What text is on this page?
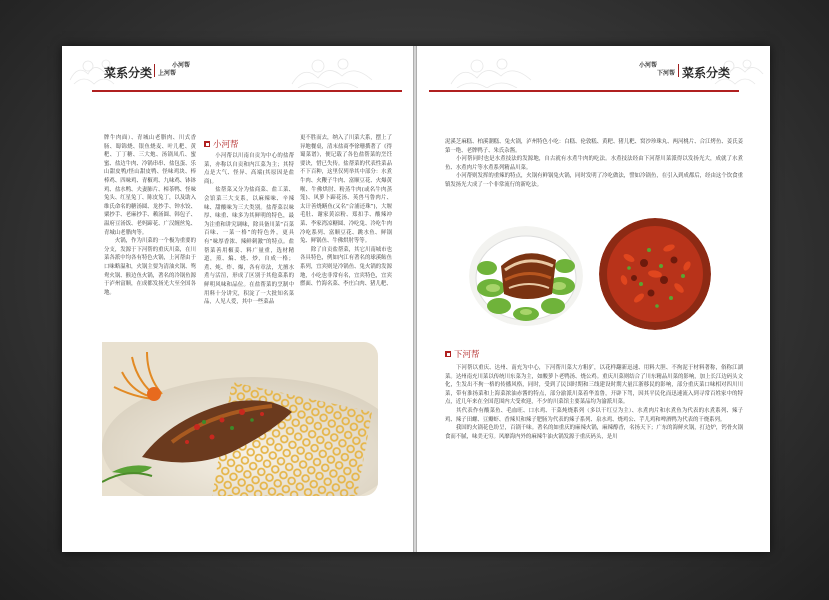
菜系分类
小河帮
上河帮

牌牛肉面）、青城山老腊肉、川式香肠、蜀锦烧、银鱼烧麦、叶儿粑、黄粑、丁丁糖、三大炮、汤锅凤爪、蜜蜜、盐边牛肉、冷锅串串、盐包蛋、乐山甜皮鸭/怪山甜皮鸭、怪味鸡块、棒棒鸡、四味鸡、青椒鸡、九味鸡、钵钵鸡、盐水鸭、夫妻肺片、樟茶鸭、怪味兔头、红星兔丁、陈皮兔丁，以及助入维氏命名的糖汤圆、龙抄手、钟水饺、粟抄手、老麻抄手、赖汤圆、韩包子、温府豆汤饭、老妈蹄花、广汉缠丝兔、青城山老腊肉等。
　　火锅，作为川菜的一个极为重要的分支，发源于下河帮的重庆川菜，在川菜各派中均各有特色火锅，上河帮由于口味略温和，火锅主要为清油火锅、鸳鸯火锅、猴边鱼火锅，著名的冷锅鱼源于泸州富顺，在成都发扬光大至全国各地。

小河帮

　　小河帮以川南自贡为中心的盐帮菜，亦称以自贡和内江菜为主；其特点是大气、怪异、高端(其原因是盐商)。
　　盐帮菜又分为盐商菜、盐工菜、会馆菜三大支系，以麻辣味、辛辣味、甜酸味为三大类别。盐帮菜以味厚、味重、味多为其鲜明的特色，最为注重和讲究调味，除具备川菜“百菜百味、一菜一格”的特色外，更具有“味厚香浓、辣鲜刺激”的特点。盐帮菜善用椒姜、料广量重，选材精道，煎、煸、烧、炒，自成一格；煮、炖、炸、爆，各有章法，尤擅水煮与活渲，形成了区别于其他菜系的鲜明风味和品位。在盐帮菜的烹制中用料十分讲究，积淀了一大批知名菜品，人见人爱，其中一些菜品

更不胜而去，纳入了川菜大系，摆上了异地餐桌，清末盐商李徐珊撰著了《得蜀菜谱》，便记载了各色盐帮菜的烹饪要诀，惜已失传。盐帮菜的代表性菜品不下百种，这里仅列举其中部分：水煮牛肉、火鞭子牛肉、富顺豆花、火爆黄喉、牛佛烘肘、粉蒸牛肉(或名牛肉蒸笼)、风萝卜蹄花汤、英兽马鲁肉片、太计善烧鳝鱼(又名“合浦还珠”)，大堰毛肚、谢家黄凉粉、郑扣手、酸辣冲菜、李家湾凉糖圆、冷吃兔、冷吃牛肉冷吃系列、富顺豆花、跳水鱼、鲜锅兔、鲜锅鱼、牛佛烘肘等等。
　　除了自贡盐帮菜，其它川南城市也各具特色，例如内江有著名的球溪鲇鱼系列，宜宾则是冷锅鱼、兔火锅的发源地，小吃也非常有名，宜宾特色，宜宾燃面、竹海名菜、李庄白肉、猪儿粑、

小河帮
下河帮 菜系分类

泥溪芝麻糕、柏溪潮糕、兔火锅，泸州特色小吃：白糕、伦敦糕、黄粑、猪儿粑、窝沙珍珠丸、两河桃片、合江烤鱼、姜氏姜第一绝、老牌鸭子、朱氏杂酱。
　　小河帮同时也是水煮技法的发源地，自古就有水煮牛肉的吃法。水煮技法经由下河帮川菜派得以发扬光大，成就了水煮鱼、水煮肉片等水煮系列精品川菜。
　　小河帮则发挥的重辣的特点，火锅有鲜锅兔火锅，同时发明了冷吃做法，譬如冷锅鱼，在引入到成都后，经由这个饮食重镇发扬光大成了一个非常流行的新吃法。

下河帮

　　下河帮以重庆、达州、南充为中心，下河帮川菜大方粗犷，以花样翻新迅速、用料大胆、不拘泥于材料著称，俗称江湖菜。达州南充川菜以传统川东菜为主，如酸萝卜老鸭汤、烧公鸡。重庆川菜则结合了川东精品川菜的影响，加上长江边码头文化，生发出不拘一格的传播风格，同时，受到了民国时期和三线建设时期大量江浙移民的影响，部分重庆菜口味相对四川川菜，带有淮扬菜和上海菜浓油赤酱的特点，部分渝派川菜着华盖鲁，开辟下驾，因其平民化而迅速流入到寻常百姓家中的特点，近几年来在全国范围内大受欢迎，不少的川菜馆主要菜品均为渝派川菜。
　　其代表作有酸菜鱼、毛血旺、口水鸡、干菜炖烧系列（多以干红豆为主）、水煮肉片和水煮鱼为代表的水煮系列、辣子鸡、辣子田螺、豆瓣虾、香辣贝和辣子肥肠为代表的辣子系列、泉水鸡、烧鸡公、芋儿鸡和啤酒鸭为代表的干烧系列。
　　我国的火锅花色纷呈，百锅千味。著名的如重庆的麻辣火锅，麻辣醇香，名扬天下；广东的海鲜火锅，打边炉，钙骨火锅食而不腻，味美无穷。风靡海内外的麻辣牛油火锅发源于重庆码头，是川
